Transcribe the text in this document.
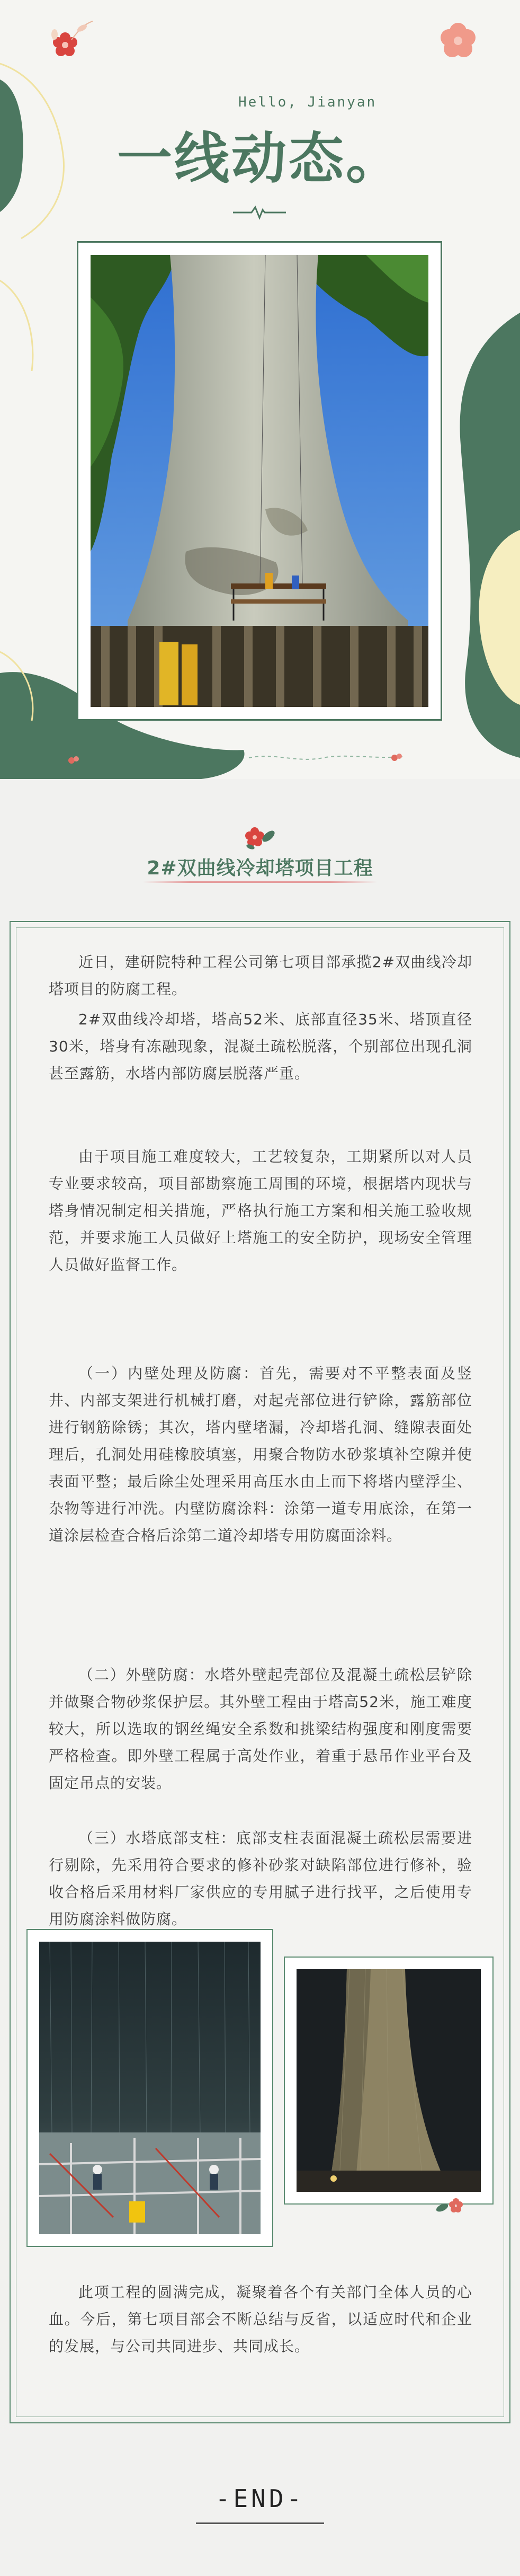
Hello, Jianyan
一线动态。
2#双曲线冷却塔项目工程

近日，建研院特种工程公司第七项目部承揽2#双曲线冷却塔项目的防腐工程。

2#双曲线冷却塔，塔高52米、底部直径35米、塔顶直径30米，塔身有冻融现象，混凝土疏松脱落，个别部位出现孔洞甚至露筋，水塔内部防腐层脱落严重。

由于项目施工难度较大，工艺较复杂，工期紧所以对人员专业要求较高，项目部勘察施工周围的环境，根据塔内现状与塔身情况制定相关措施，严格执行施工方案和相关施工验收规范，并要求施工人员做好上塔施工的安全防护，现场安全管理人员做好监督工作。

（一）内壁处理及防腐：首先，需要对不平整表面及竖井、内部支架进行机械打磨，对起壳部位进行铲除，露筋部位进行钢筋除锈；其次，塔内壁堵漏，冷却塔孔洞、缝隙表面处理后，孔洞处用硅橡胶填塞，用聚合物防水砂浆填补空隙并使表面平整；最后除尘处理采用高压水由上而下将塔内壁浮尘、杂物等进行冲洗。内壁防腐涂料：涂第一道专用底涂，在第一道涂层检查合格后涂第二道冷却塔专用防腐面涂料。

（二）外壁防腐：水塔外壁起壳部位及混凝土疏松层铲除并做聚合物砂浆保护层。其外壁工程由于塔高52米，施工难度较大，所以选取的钢丝绳安全系数和挑梁结构强度和刚度需要严格检查。即外壁工程属于高处作业，着重于悬吊作业平台及固定吊点的安装。

（三）水塔底部支柱：底部支柱表面混凝土疏松层需要进行剔除，先采用符合要求的修补砂浆对缺陷部位进行修补，验收合格后采用材料厂家供应的专用腻子进行找平，之后使用专用防腐涂料做防腐。

此项工程的圆满完成，凝聚着各个有关部门全体人员的心血。今后，第七项目部会不断总结与反省，以适应时代和企业的发展，与公司共同进步、共同成长。

-END-
